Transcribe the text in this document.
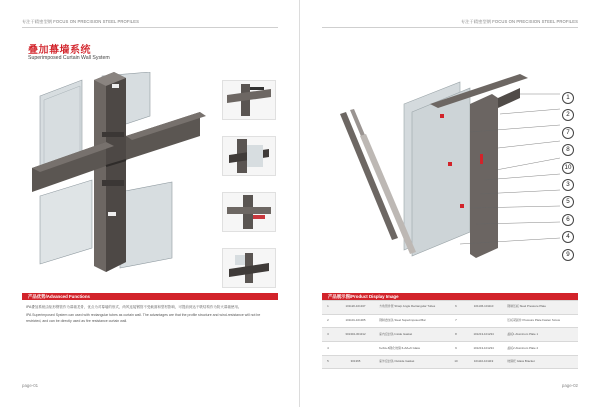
专注于精密型钢 FOCUS ON PRECISION STEEL PROFILES
叠加幕墙系统
Superimposed Curtain Wall System

产品优势/Advanced Functions

IPA叠加系统由矩形钢管作为幕墙龙骨，优点为对幕墙的形式，尚风连接钢管不受截面和型材影响，可提前到达干吸结构作为防火幕墙使用。

IPA Superimposed System can used with rectangular tubes as curtain wall. The advantages are that the profile structure and wind-resistance will not be restricted, and can be directly used as fire resistance curtain wall.

page-01
专注于精密型钢 FOCUS ON PRECISION STEEL PROFILES
1
2
7
8
10
3
5
6
4
9
产品展示图/Product Display Image
1	101120-101347	方角管件管 Sharp Angle Rectangular Tubes	6	101106-101110	钢制压板 Steel Pressure Plate
2	101101-101305	钢制叠加条 Steel Superimposed Bar	7		压板紧固件 Pressure Plate Fasten Screw
3	301304-301312	室内密封条 Inside Gasket	8	101213-101234	盖板1 Aluminum Plate 1
4		6+6A+6钢化玻璃 6+6A+6 Glass	9	101213-101234	盖板2 Aluminum Plate 2
5	301365	室外密封条 Outside Gasket	10	101110-101119	玻璃托 Glass Bracket
page-02
